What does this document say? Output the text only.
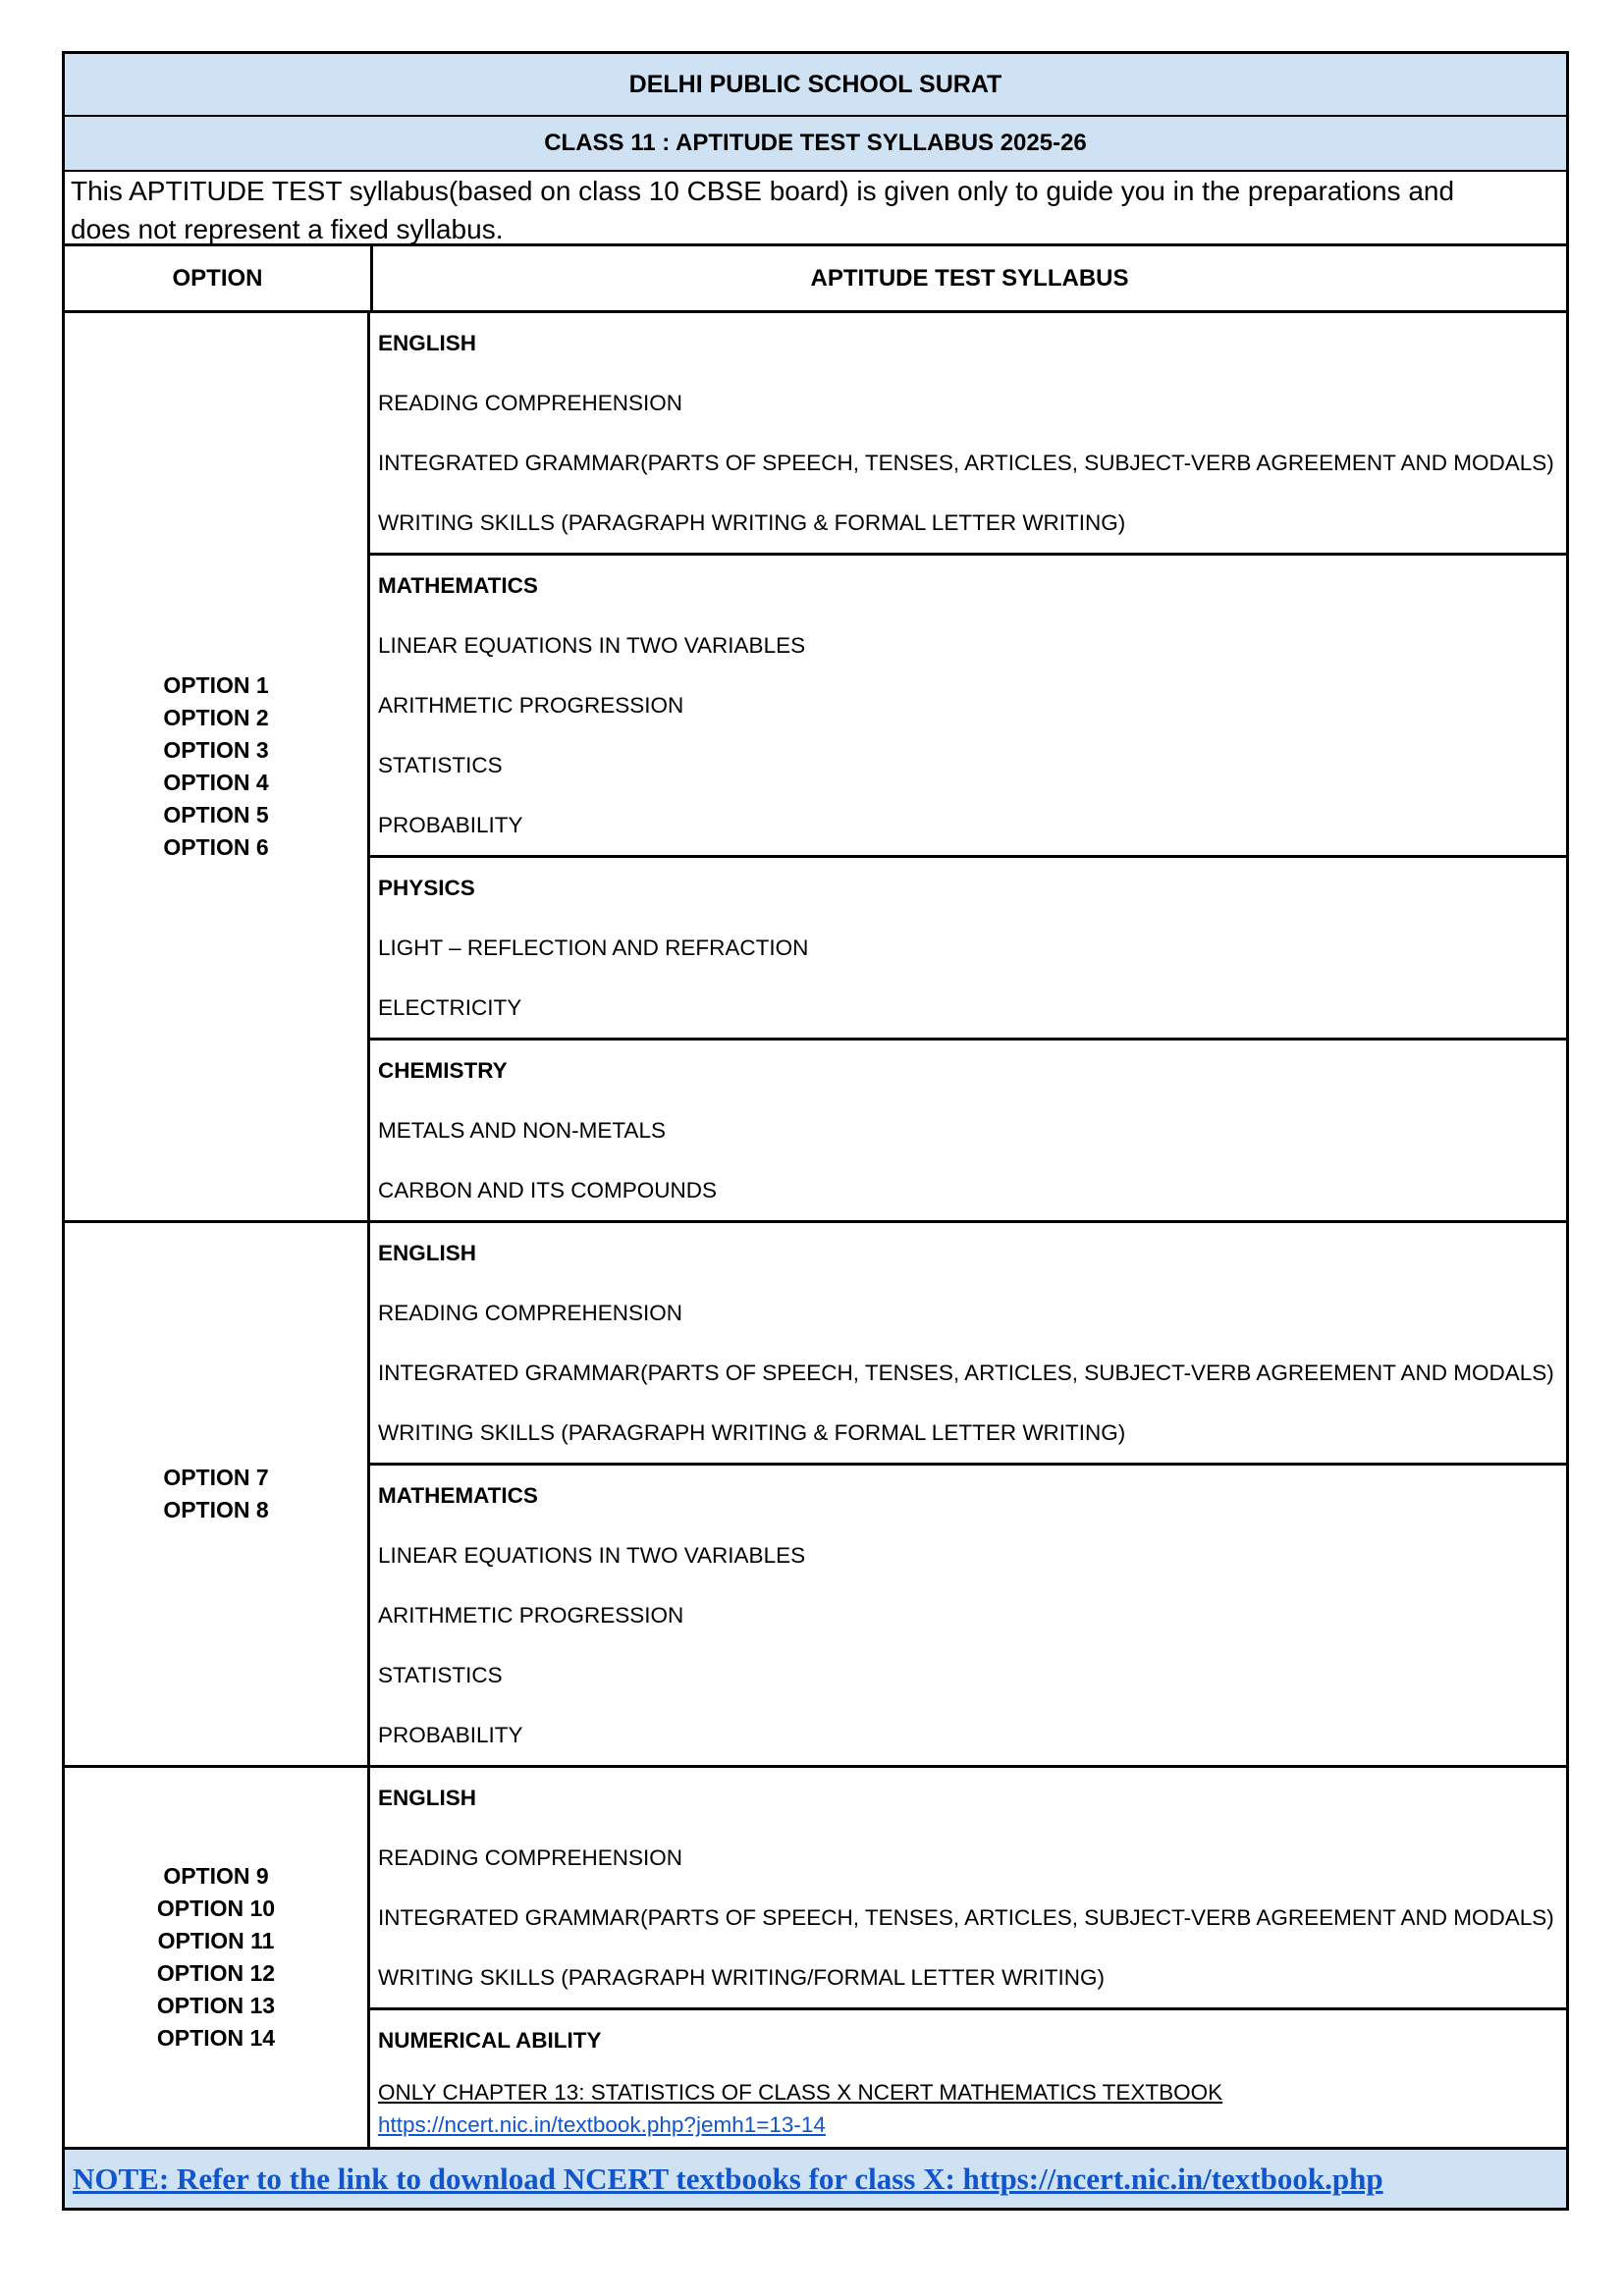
DELHI PUBLIC SCHOOL SURAT
CLASS 11 : APTITUDE TEST SYLLABUS 2025-26
This APTITUDE TEST syllabus(based on class 10 CBSE board) is given only to guide you in the preparations and
does not represent a fixed syllabus.
OPTION	APTITUDE TEST SYLLABUS
OPTION 1
OPTION 2
OPTION 3
OPTION 4
OPTION 5
OPTION 6
ENGLISH
READING COMPREHENSION
INTEGRATED GRAMMAR(PARTS OF SPEECH, TENSES, ARTICLES, SUBJECT-VERB AGREEMENT AND MODALS)
WRITING SKILLS (PARAGRAPH WRITING & FORMAL LETTER WRITING)
MATHEMATICS
LINEAR EQUATIONS IN TWO VARIABLES
ARITHMETIC PROGRESSION
STATISTICS
PROBABILITY
PHYSICS
LIGHT – REFLECTION AND REFRACTION
ELECTRICITY
CHEMISTRY
METALS AND NON-METALS
CARBON AND ITS COMPOUNDS
OPTION 7
OPTION 8
ENGLISH
READING COMPREHENSION
INTEGRATED GRAMMAR(PARTS OF SPEECH, TENSES, ARTICLES, SUBJECT-VERB AGREEMENT AND MODALS)
WRITING SKILLS (PARAGRAPH WRITING & FORMAL LETTER WRITING)
MATHEMATICS
LINEAR EQUATIONS IN TWO VARIABLES
ARITHMETIC PROGRESSION
STATISTICS
PROBABILITY
OPTION 9
OPTION 10
OPTION 11
OPTION 12
OPTION 13
OPTION 14
ENGLISH
READING COMPREHENSION
INTEGRATED GRAMMAR(PARTS OF SPEECH, TENSES, ARTICLES, SUBJECT-VERB AGREEMENT AND MODALS)
WRITING SKILLS (PARAGRAPH WRITING/FORMAL LETTER WRITING)
NUMERICAL ABILITY
ONLY CHAPTER 13: STATISTICS OF CLASS X NCERT MATHEMATICS TEXTBOOK
https://ncert.nic.in/textbook.php?jemh1=13-14
NOTE: Refer to the link to download NCERT textbooks for class X: https://ncert.nic.in/textbook.php
